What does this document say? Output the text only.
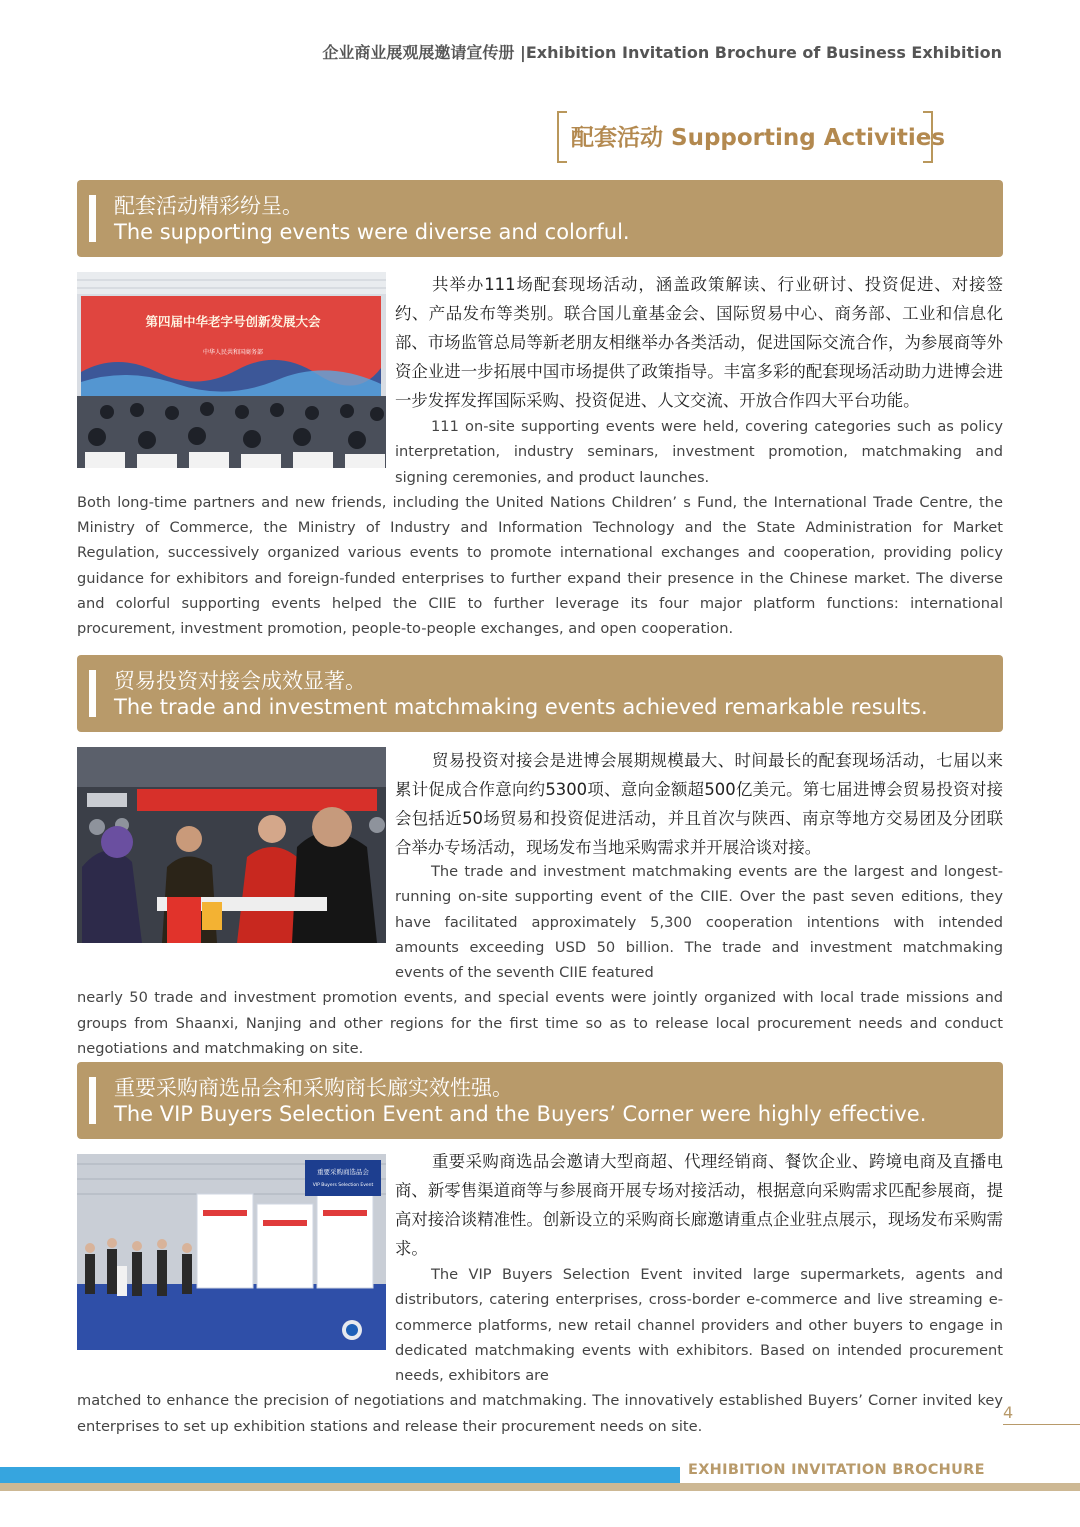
企业商业展观展邀请宣传册 |Exhibition Invitation Brochure of Business Exhibition
配套活动 Supporting Activities
配套活动精彩纷呈。
The supporting events were diverse and colorful.
第四届中华老字号创新发展大会
中华人民共和国商务部

共举办111场配套现场活动，涵盖政策解读、行业研讨、投资促进、对接签约、产品发布等类别。联合国儿童基金会、国际贸易中心、商务部、工业和信息化部、市场监管总局等新老朋友相继举办各类活动，促进国际交流合作，为参展商等外资企业进一步拓展中国市场提供了政策指导。丰富多彩的配套现场活动助力进博会进一步发挥发挥国际采购、投资促进、人文交流、开放合作四大平台功能。

111 on-site supporting events were held, covering categories such as policy interpretation, industry seminars, investment promotion, matchmaking and signing ceremonies, and product launches.
Both long-time partners and new friends, including the United Nations Children’ s Fund, the International Trade Centre, the Ministry of Commerce, the Ministry of Industry and Information Technology and the State Administration for Market Regulation, successively organized various events to promote international exchanges and cooperation, providing policy guidance for exhibitors and foreign-funded enterprises to further expand their presence in the Chinese market. The diverse and colorful supporting events helped the CIIE to further leverage its four major platform functions: international procurement, investment promotion, people-to-people exchanges, and open cooperation.

贸易投资对接会成效显著。
The trade and investment matchmaking events achieved remarkable results.

贸易投资对接会是进博会展期规模最大、时间最长的配套现场活动，七届以来累计促成合作意向约5300项、意向金额超500亿美元。第七届进博会贸易投资对接会包括近50场贸易和投资促进活动，并且首次与陕西、南京等地方交易团及分团联合举办专场活动，现场发布当地采购需求并开展洽谈对接。

The trade and investment matchmaking events are the largest and longest-running on-site supporting event of the CIIE. Over the past seven editions, they have facilitated approximately 5,300 cooperation intentions with intended amounts exceeding USD 50 billion. The trade and investment matchmaking events of the seventh CIIE featured
nearly 50 trade and investment promotion events, and special events were jointly organized with local trade missions and groups from Shaanxi, Nanjing and other regions for the first time so as to release local procurement needs and conduct negotiations and matchmaking on site.

重要采购商选品会和采购商长廊实效性强。
The VIP Buyers Selection Event and the Buyers’ Corner were highly effective.
重要采购商选品会
VIP Buyers Selection Event

重要采购商选品会邀请大型商超、代理经销商、餐饮企业、跨境电商及直播电商、新零售渠道商等与参展商开展专场对接活动，根据意向采购需求匹配参展商，提高对接洽谈精准性。创新设立的采购商长廊邀请重点企业驻点展示，现场发布采购需求。

The VIP Buyers Selection Event invited large supermarkets, agents and distributors, catering enterprises, cross-border e-commerce and live streaming e-commerce platforms, new retail channel providers and other buyers to engage in dedicated matchmaking events with exhibitors. Based on intended procurement needs, exhibitors are
matched to enhance the precision of negotiations and matchmaking. The innovatively established Buyers’ Corner invited key enterprises to set up exhibition stations and release their procurement needs on site.

4
EXHIBITION INVITATION BROCHURE
